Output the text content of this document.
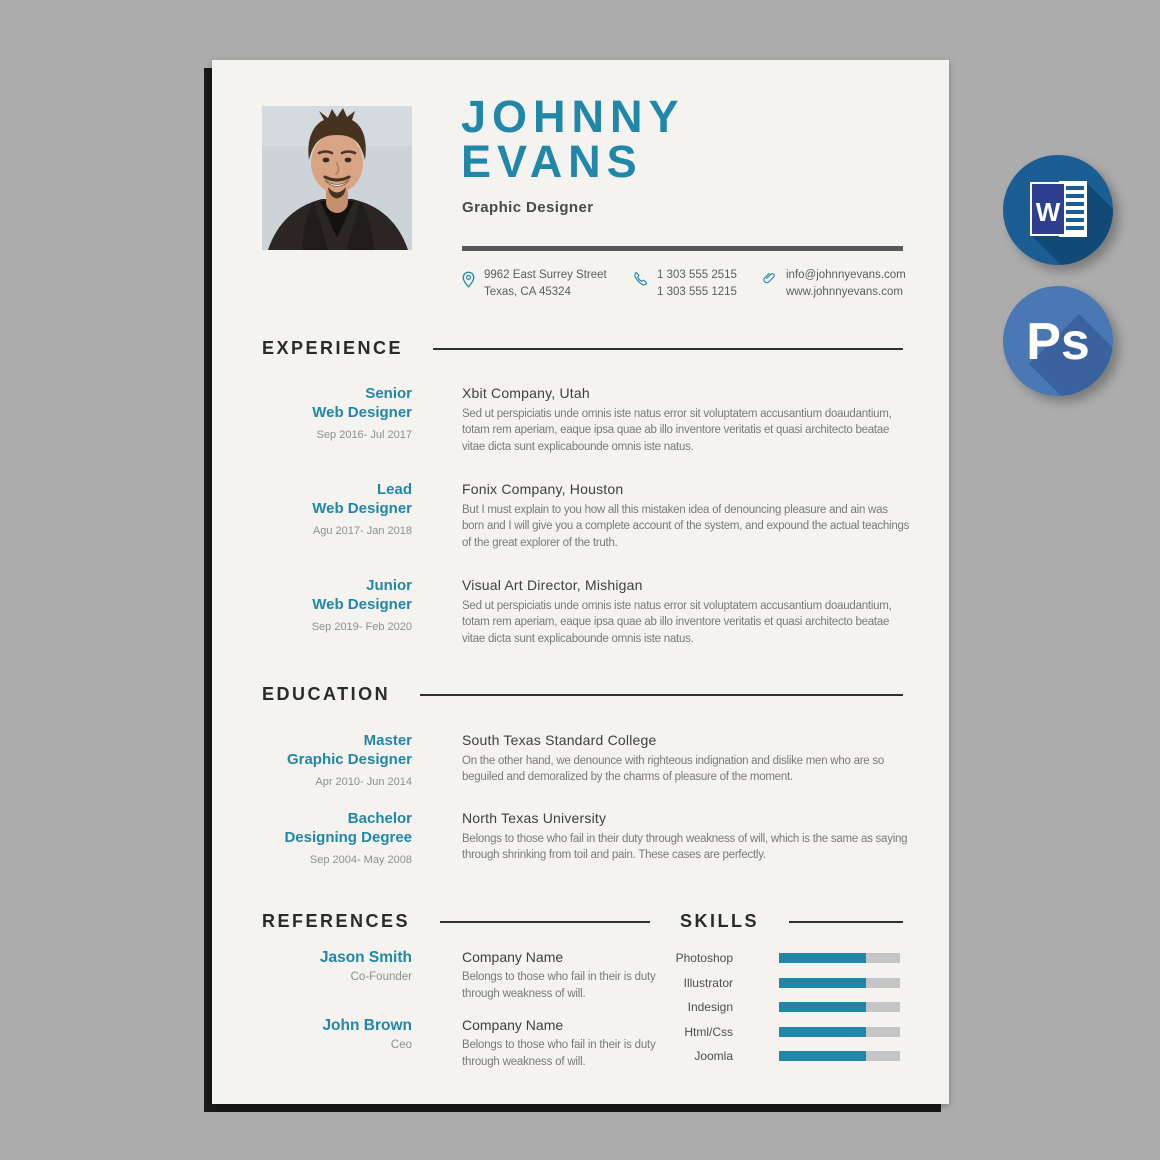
JOHNNY
EVANS
Graphic Designer
9962 East Surrey Street
Texas, CA 45324
1 303 555 2515
1 303 555 1215
info@johnnyevans.com
www.johnnyevans.com
EXPERIENCE
Senior
Web Designer
Sep 2016- Jul 2017
Xbit Company, Utah
Sed ut perspiciatis unde omnis iste natus error sit voluptatem accusantium doaudantium, totam rem aperiam, eaque ipsa quae ab illo inventore veritatis et quasi architecto beatae vitae dicta sunt explicabounde omnis iste natus.
Lead
Web Designer
Agu 2017- Jan 2018
Fonix Company, Houston
But I must explain to you how all this mistaken idea of denouncing pleasure and ain was born and I will give you a complete account of the system, and expound the actual teachings of the great explorer of the truth.
Junior
Web Designer
Sep 2019- Feb 2020
Visual Art Director, Mishigan
Sed ut perspiciatis unde omnis iste natus error sit voluptatem accusantium doaudantium, totam rem aperiam, eaque ipsa quae ab illo inventore veritatis et quasi architecto beatae vitae dicta sunt explicabounde omnis iste natus.
EDUCATION
Master
Graphic Designer
Apr 2010- Jun 2014
South Texas Standard College
On the other hand, we denounce with righteous indignation and dislike men who are so beguiled and demoralized by the charms of pleasure of the moment.
Bachelor
Designing Degree
Sep 2004- May 2008
North Texas University
Belongs to those who fail in their duty through weakness of will, which is the same as saying through shrinking from toil and pain. These cases are perfectly.
REFERENCES
Jason Smith
Co-Founder
Company Name
Belongs to those who fail in their is duty through weakness of will.
John Brown
Ceo
Company Name
Belongs to those who fail in their is duty through weakness of will.
SKILLS
Photoshop
Illustrator
Indesign
Html/Css
Joomla
W
Ps
